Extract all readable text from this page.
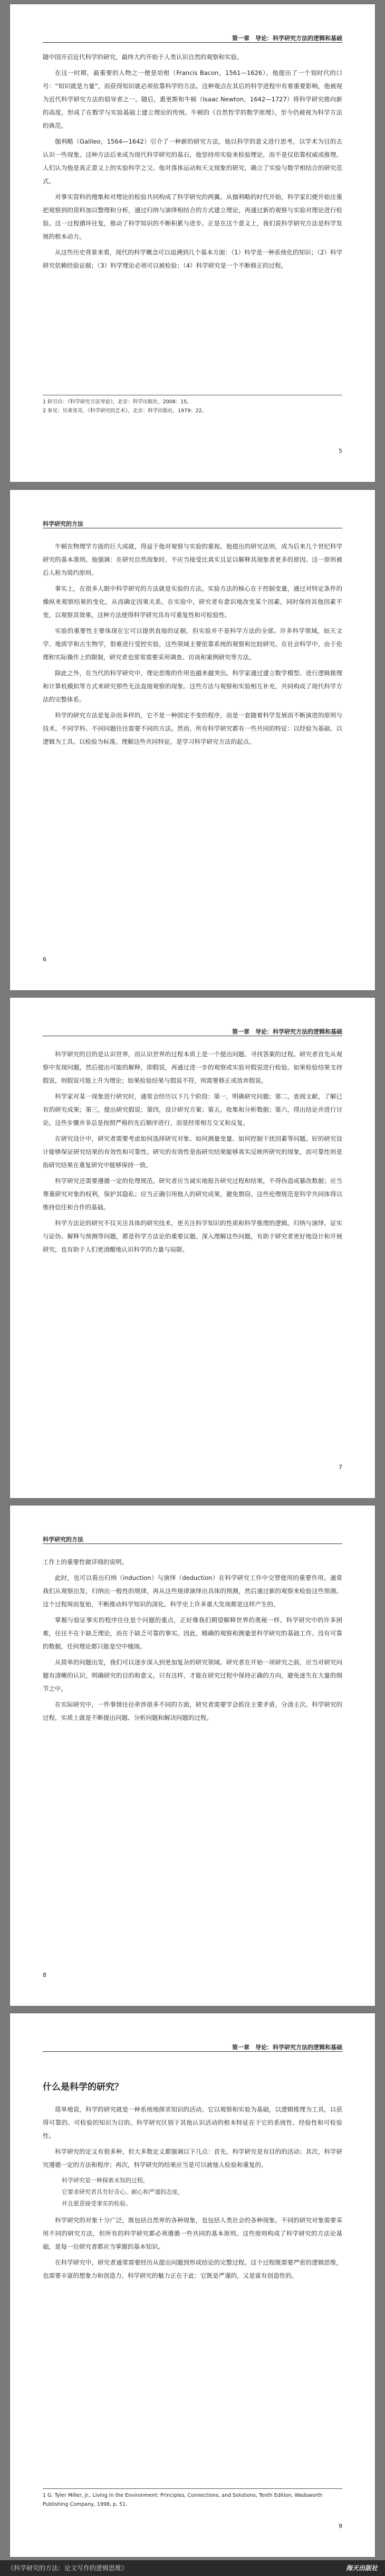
第一章　导论：科学研究方法的逻辑和基础

随中国开启近代科学的研究，最终大约开始于人类认识自然的观察和实验。

在这一时期，最重要的人物之一便是培根（Francis Bacon，1561—1626）。他提出了一个划时代的口号：“知识就是力量”，而获得知识就必须依靠科学的方法。这种观点在其后的科学进程中有着重要影响，他被视为近代科学研究方法的倡导者之一。随后，惠更斯和牛顿（Isaac Newton，1642—1727）将科学研究推向新的高度，形成了在数学与实验基础上建立理论的传统。牛顿的《自然哲学的数学原理》，至今仍被视为科学方法的典范。

伽利略（Galileo，1564—1642）引介了一种新的研究方法，他以科学的意义进行思考，以学术为目的去认识一些现象。这种方法后来成为现代科学研究的基石，他坚持用实验来检验理论，而不是仅依靠权威或推理。人们认为他是真正意义上的实验科学之父。他对落体运动和天文现象的研究，确立了实验与数学相结合的研究范式。

对事实资料的搜集和对理论的检验共同构成了科学研究的两翼。从伽利略的时代开始，科学家们便开始注重把观察到的资料加以整理和分析，通过归纳与演绎相结合的方式建立理论，再通过新的观察与实验对理论进行检验。这一过程循环往复，推动了科学知识的不断积累与进步。正是在这个意义上，我们说科学研究方法是科学发展的根本动力。

从这些历史背景来看，现代的科学概念可以追溯到几个基本方面：（1）科学是一种系统化的知识；（2）科学研究依赖经验证据；（3）科学理论必须可以被检验；（4）科学研究是一个不断修正的过程。

1 转引自：《科学研究方法导论》，北京：科学出版社，2008：15。
2 参见：贝弗里奇，《科学研究的艺术》，北京：科学出版社，1979：22。
5
科学研究的方法

牛顿在物理学方面的巨大成就，得益于他对观察与实验的重视。他提出的研究法则，成为后来几个世纪科学研究的基本准则。他强调：在研究自然现象时，不应当接受比真实且足以解释其现象者更多的原因。这一原则被后人称为简约原则。

事实上，在很多人眼中科学研究的方法就是实验的方法。实验方法的核心在于控制变量，通过对特定条件的操纵来观察结果的变化，从而确定因果关系。在实验中，研究者有意识地改变某个因素，同时保持其他因素不变，以观察其效果。这种方法使得科学研究具有可重复性和可检验性。

实验的重要性主要体现在它可以提供直接的证据。但实验并不是科学方法的全部。许多科学领域，如天文学、地质学和古生物学，很难进行受控实验，这些领域主要依靠系统的观察和比较研究。在社会科学中，由于伦理和实际操作上的限制，研究者也常常需要采用调查、访谈和案例研究等方法。

除此之外，在当代的科学研究中，理论思维的作用也越来越突出。科学家通过建立数学模型、进行逻辑推理和计算机模拟等方式来研究那些无法直接观察的现象。这些方法与观察和实验相互补充，共同构成了现代科学方法的完整体系。

科学的研究方法是复杂而多样的，它不是一种固定不变的程序，而是一套随着科学发展而不断演进的原则与技术。不同学科、不同问题往往需要不同的方法。然而，所有科学研究都有一些共同的特征：以经验为基础、以逻辑为工具、以检验为标准。理解这些共同特征，是学习科学研究方法的起点。

6
第一章　导论：科学研究方法的逻辑和基础

科学研究的目的是认识世界，而认识世界的过程本质上是一个提出问题、寻找答案的过程。研究者首先从观察中发现问题，然后提出可能的解释，即假说，再通过进一步的观察或实验对假说进行检验。如果检验结果支持假说，则假说可能上升为理论；如果检验结果与假说不符，则需要修正或放弃假说。

科学家对某一现象进行研究时，通常会经历以下几个阶段：第一，明确研究问题；第二，查阅文献，了解已有的研究成果；第三，提出研究假说；第四，设计研究方案；第五，收集和分析数据；第六，得出结论并进行讨论。这些步骤并非总是按照严格的先后顺序进行，而是经常相互交叉和反复。

在研究设计中，研究者需要考虑如何选择研究对象、如何测量变量、如何控制干扰因素等问题。好的研究设计能够保证研究结果的有效性和可靠性。研究的有效性是指研究结果能够真实反映所研究的现象，而可靠性则是指研究结果在重复研究中能够保持一致。

科学研究还需要遵循一定的伦理规范。研究者应当诚实地报告研究过程和结果，不得伪造或篡改数据；应当尊重研究对象的权利，保护其隐私；应当正确引用他人的研究成果，避免剽窃。这些伦理规范是科学共同体得以维持信任和合作的基础。

科学方法论的研究不仅关注具体的研究技术，更关注科学知识的性质和科学推理的逻辑。归纳与演绎、证实与证伪、解释与预测等问题，都是科学方法论的重要议题。深入理解这些问题，有助于研究者更好地设计和开展研究，也有助于人们更清醒地认识科学的力量与局限。

7
科学研究的方法

工作上的重要性做详细的说明。

此时，也可以看出归纳（induction）与演绎（deduction）在科学研究工作中交替使用的重要作用。通常我们从观察出发，归纳出一般性的规律，再从这些规律演绎出具体的预测，然后通过新的观察来检验这些预测。这个过程周而复始，不断推动科学知识的深化。科学史上许多重大发现都是这样产生的。

掌握与验证事实的程序往往是个问题的重点，正好像我们期望解释世界的奥秘一样。科学研究中的许多困难，往往不在于缺乏理论，而在于缺乏可靠的事实。因此，精确的观察和测量是科学研究的基础工作。没有可靠的数据，任何理论都只能是空中楼阁。

从简单的问题出发，我们可以逐步深入到更加复杂的研究领域。研究者在开始一项研究之前，应当对研究问题有清晰的认识，明确研究的目的和意义。只有这样，才能在研究过程中保持正确的方向，避免迷失在大量的细节之中。

在实际研究中，一件事情往往牵涉很多不同的方面，研究者需要学会抓住主要矛盾，分清主次。科学研究的过程，实质上就是不断提出问题、分析问题和解决问题的过程。

8
第一章　导论：科学研究方法的逻辑和基础
什么是科学的研究？

简单地说，科学的研究就是一种系统地探求知识的活动。它以观察和实验为基础，以逻辑推理为工具，以获得可靠的、可检验的知识为目的。科学研究区别于其他认识活动的根本特征在于它的系统性、经验性和可检验性。

科学研究的定义有很多种，但大多数定义都强调以下几点：首先，科学研究是有目的的活动；其次，科学研究遵循一定的方法和程序；再次，科学研究的结果应当是可以被他人检验和重复的。

科学研究是一种探索未知的过程，
它要求研究者具有好奇心、耐心和严谨的态度，
并且愿意接受事实的检验。

科学研究的对象十分广泛，既包括自然界的各种现象，也包括人类社会的各种现象。不同的研究对象需要采用不同的研究方法，但所有的科学研究都必须遵循一些共同的基本原则。这些原则构成了科学研究的方法论基础，是每一位研究者都应当掌握的基本知识。

在科学研究中，研究者通常需要经历从提出问题到形成结论的完整过程。这个过程既需要严密的逻辑思维，也需要丰富的想象力和创造力。科学研究的魅力正在于此：它既是严谨的，又是富有创造性的。

1 G. Tyler Miller, Jr., Living in the Environment: Principles, Connections, and Solutions, Tenth Edition, Wadsworth Publishing Company, 1998, p. 51.
9
《科学研究的方法：论文写作的逻辑思维》	海天出版社
